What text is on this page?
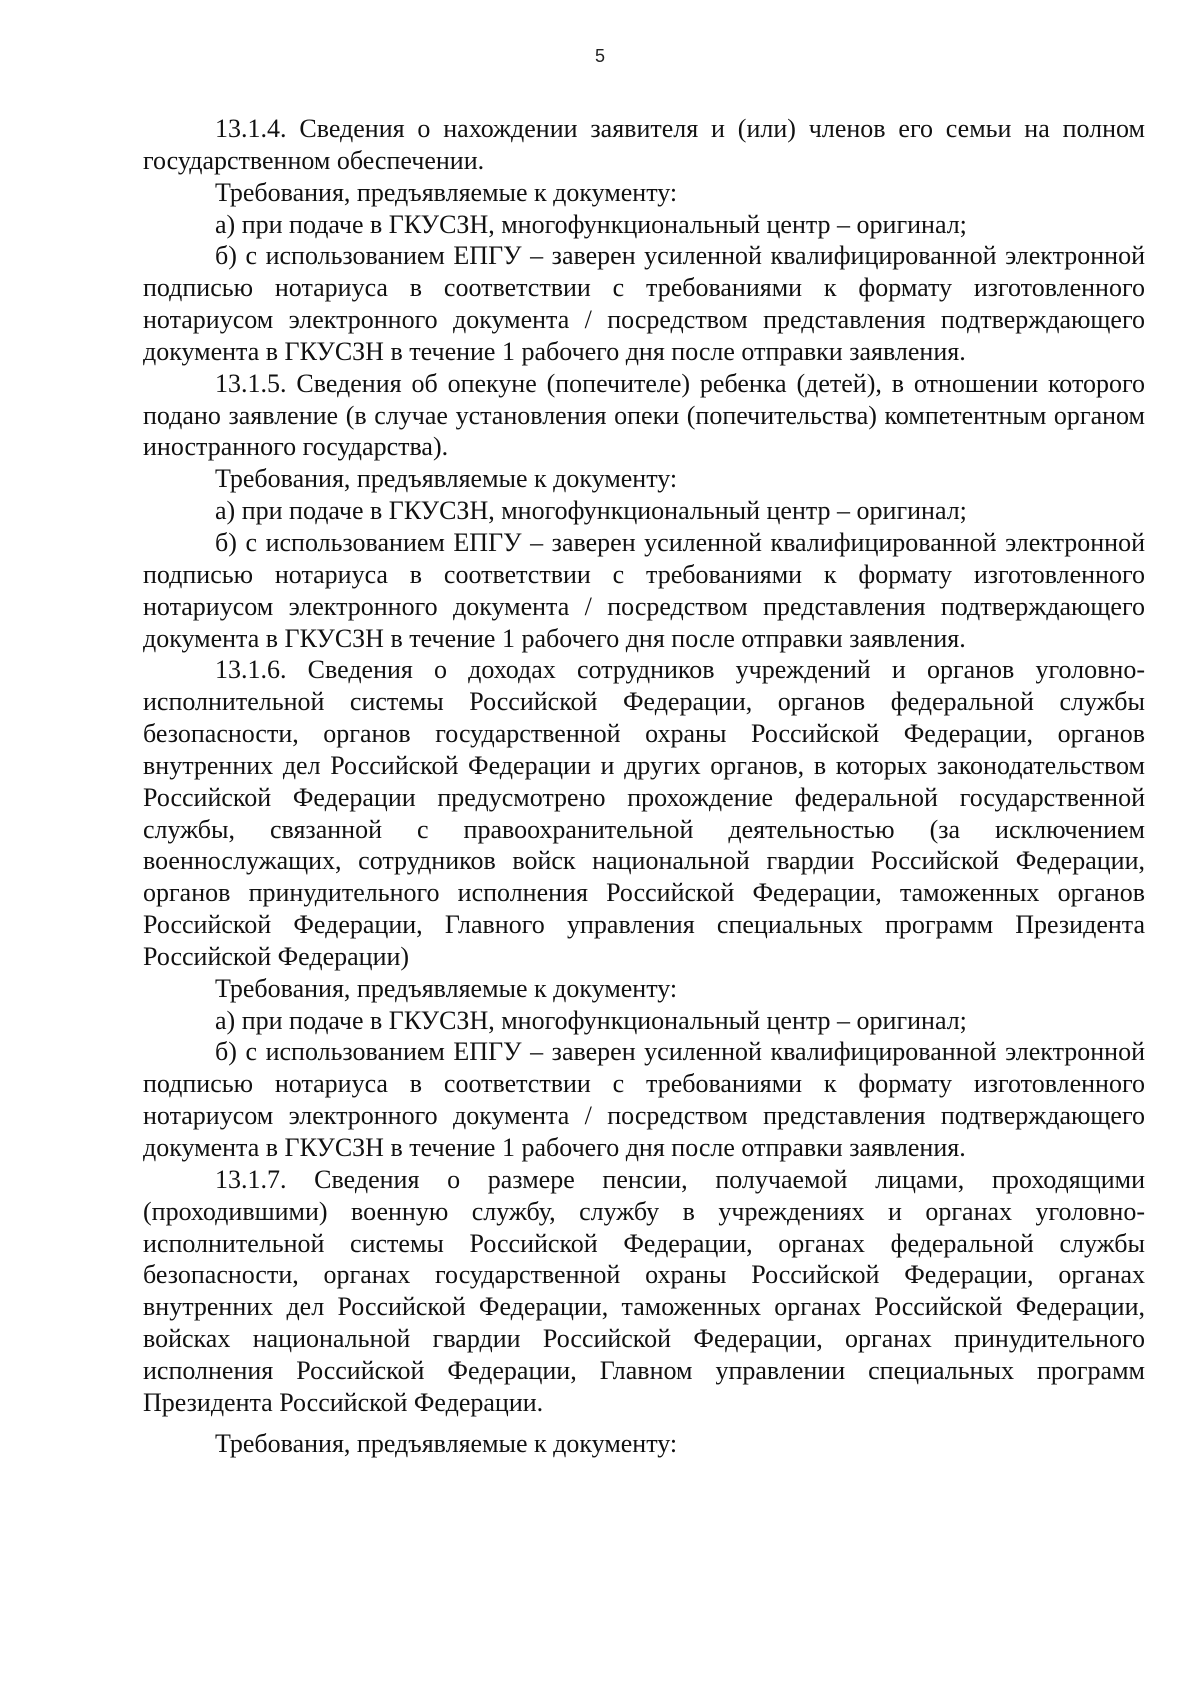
5

13.1.4. Сведения о нахождении заявителя и (или) членов его семьи на полном государственном обеспечении.

Требования, предъявляемые к документу:

а) при подаче в ГКУСЗН, многофункциональный центр – оригинал;

б) с использованием ЕПГУ – заверен усиленной квалифицированной электронной подписью нотариуса в соответствии с требованиями к формату изготовленного нотариусом электронного документа / посредством представления подтверждающего документа в ГКУСЗН в течение 1 рабочего дня после отправки заявления.

13.1.5. Сведения об опекуне (попечителе) ребенка (детей), в отношении которого подано заявление (в случае установления опеки (попечительства) компетентным органом иностранного государства).

Требования, предъявляемые к документу:

а) при подаче в ГКУСЗН, многофункциональный центр – оригинал;

б) с использованием ЕПГУ – заверен усиленной квалифицированной электронной подписью нотариуса в соответствии с требованиями к формату изготовленного нотариусом электронного документа / посредством представления подтверждающего документа в ГКУСЗН в течение 1 рабочего дня после отправки заявления.

13.1.6. Сведения о доходах сотрудников учреждений и органов уголовно-исполнительной системы Российской Федерации, органов федеральной службы безопасности, органов государственной охраны Российской Федерации, органов внутренних дел Российской Федерации и других органов, в которых законодательством Российской Федерации предусмотрено прохождение федеральной государственной службы, связанной с правоохранительной деятельностью (за исключением военнослужащих, сотрудников войск национальной гвардии Российской Федерации, органов принудительного исполнения Российской Федерации, таможенных органов Российской Федерации, Главного управления специальных программ Президента Российской Федерации)

Требования, предъявляемые к документу:

а) при подаче в ГКУСЗН, многофункциональный центр – оригинал;

б) с использованием ЕПГУ – заверен усиленной квалифицированной электронной подписью нотариуса в соответствии с требованиями к формату изготовленного нотариусом электронного документа / посредством представления подтверждающего документа в ГКУСЗН в течение 1 рабочего дня после отправки заявления.

13.1.7. Сведения о размере пенсии, получаемой лицами, проходящими (проходившими) военную службу, службу в учреждениях и органах уголовно-исполнительной системы Российской Федерации, органах федеральной службы безопасности, органах государственной охраны Российской Федерации, органах внутренних дел Российской Федерации, таможенных органах Российской Федерации, войсках национальной гвардии Российской Федерации, органах принудительного исполнения Российской Федерации, Главном управлении специальных программ Президента Российской Федерации.

Требования, предъявляемые к документу:
